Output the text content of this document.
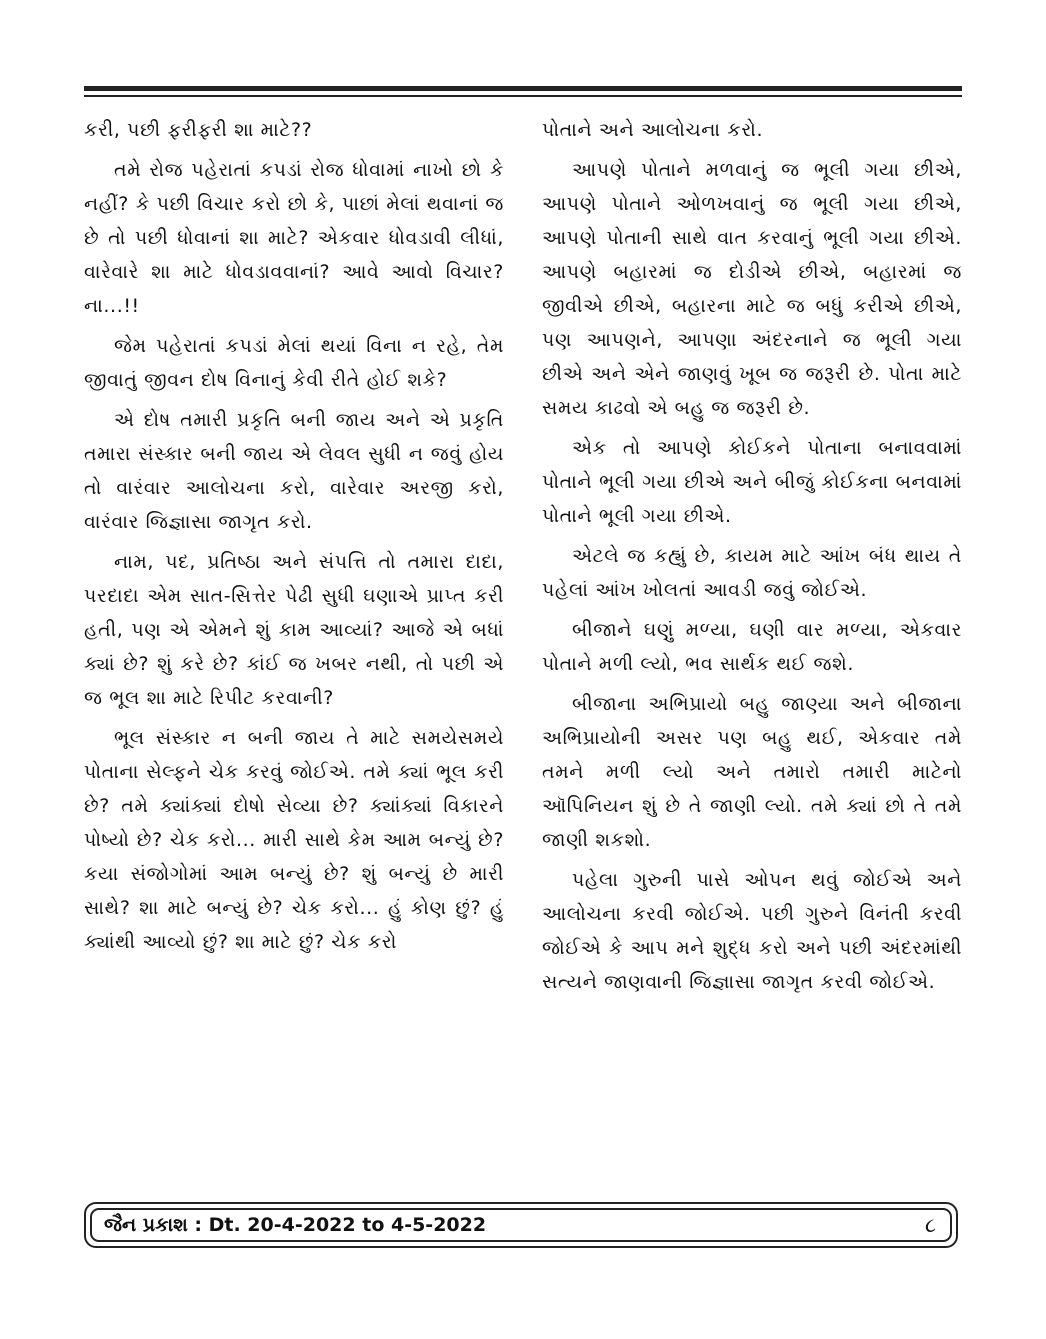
કરી, પછી ફરીફરી શા માટે??

તમે રોજ પહેરાતાં કપડાં રોજ ધોવામાં નાખો છો કે નહીં? કે પછી વિચાર કરો છો કે, પાછાં મેલાં થવાનાં જ છે તો પછી ધોવાનાં શા માટે? એકવાર ધોવડાવી લીધાં, વારેવારે શા માટે ધોવડાવવાનાં? આવે આવો વિચાર? ના...!!

જેમ પહેરાતાં કપડાં મેલાં થયાં વિના ન રહે, તેમ જીવાતું જીવન દોષ વિનાનું કેવી રીતે હોઈ શકે?

એ દોષ તમારી પ્રકૃતિ બની જાય અને એ પ્રકૃતિ તમારા સંસ્કાર બની જાય એ લેવલ સુધી ન જવું હોય તો વારંવાર આલોચના કરો, વારેવાર અરજી કરો, વારંવાર જિજ્ઞાસા જાગૃત કરો.

નામ, પદ, પ્રતિષ્ઠા અને સંપત્તિ તો તમારા દાદા, પરદાદા એમ સાત-સિત્તેર પેઢી સુધી ઘણાએ પ્રાપ્ત કરી હતી, પણ એ એમને શું કામ આવ્યાં? આજે એ બધાં ક્યાં છે? શું કરે છે? કાંઈ જ ખબર નથી, તો પછી એ જ ભૂલ શા માટે રિપીટ કરવાની?

ભૂલ સંસ્કાર ન બની જાય તે માટે સમયેસમયે પોતાના સેલ્ફને ચેક કરવું જોઈએ. તમે ક્યાં ભૂલ કરી છે? તમે ક્યાંક્યાં દોષો સેવ્યા છે? ક્યાંક્યાં વિકારને પોષ્યો છે? ચેક કરો... મારી સાથે કેમ આમ બન્યું છે? કયા સંજોગોમાં આમ બન્યું છે? શું બન્યું છે મારી સાથે? શા માટે બન્યું છે? ચેક કરો... હું કોણ છું? હું ક્યાંથી આવ્યો છું? શા માટે છું? ચેક કરો

પોતાને અને આલોચના કરો.

આપણે પોતાને મળવાનું જ ભૂલી ગયા છીએ, આપણે પોતાને ઓળખવાનું જ ભૂલી ગયા છીએ, આપણે પોતાની સાથે વાત કરવાનું ભૂલી ગયા છીએ. આપણે બહારમાં જ દોડીએ છીએ, બહારમાં જ જીવીએ છીએ, બહારના માટે જ બધું કરીએ છીએ, પણ આપણને, આપણા અંદરનાને જ ભૂલી ગયા છીએ અને એને જાણવું ખૂબ જ જરૂરી છે. પોતા માટે સમય કાઢવો એ બહુ જ જરૂરી છે.

એક તો આપણે કોઈકને પોતાના બનાવવામાં પોતાને ભૂલી ગયા છીએ અને બીજું કોઈકના બનવામાં પોતાને ભૂલી ગયા છીએ.

એટલે જ કહ્યું છે, કાયમ માટે આંખ બંધ થાય તે પહેલાં આંખ ખોલતાં આવડી જવું જોઈએ.

બીજાને ઘણું મળ્યા, ઘણી વાર મળ્યા, એકવાર પોતાને મળી લ્યો, ભવ સાર્થક થઈ જશે.

બીજાના અભિપ્રાયો બહુ જાણ્યા અને બીજાના અભિપ્રાયોની અસર પણ બહુ થઈ, એકવાર તમે તમને મળી લ્યો અને તમારો તમારી માટેનો ઑપિનિયન શું છે તે જાણી લ્યો. તમે ક્યાં છો તે તમે જાણી શકશો.

પહેલા ગુરુની પાસે ઓપન થવું જોઈએ અને આલોચના કરવી જોઈએ. પછી ગુરુને વિનંતી કરવી જોઈએ કે આપ મને શુદ્ધ કરો અને પછી અંદરમાંથી સત્યને જાણવાની જિજ્ઞાસા જાગૃત કરવી જોઈએ.

જૈન પ્રકાશ : Dt. 20-4-2022 to 4-5-2022	૮
